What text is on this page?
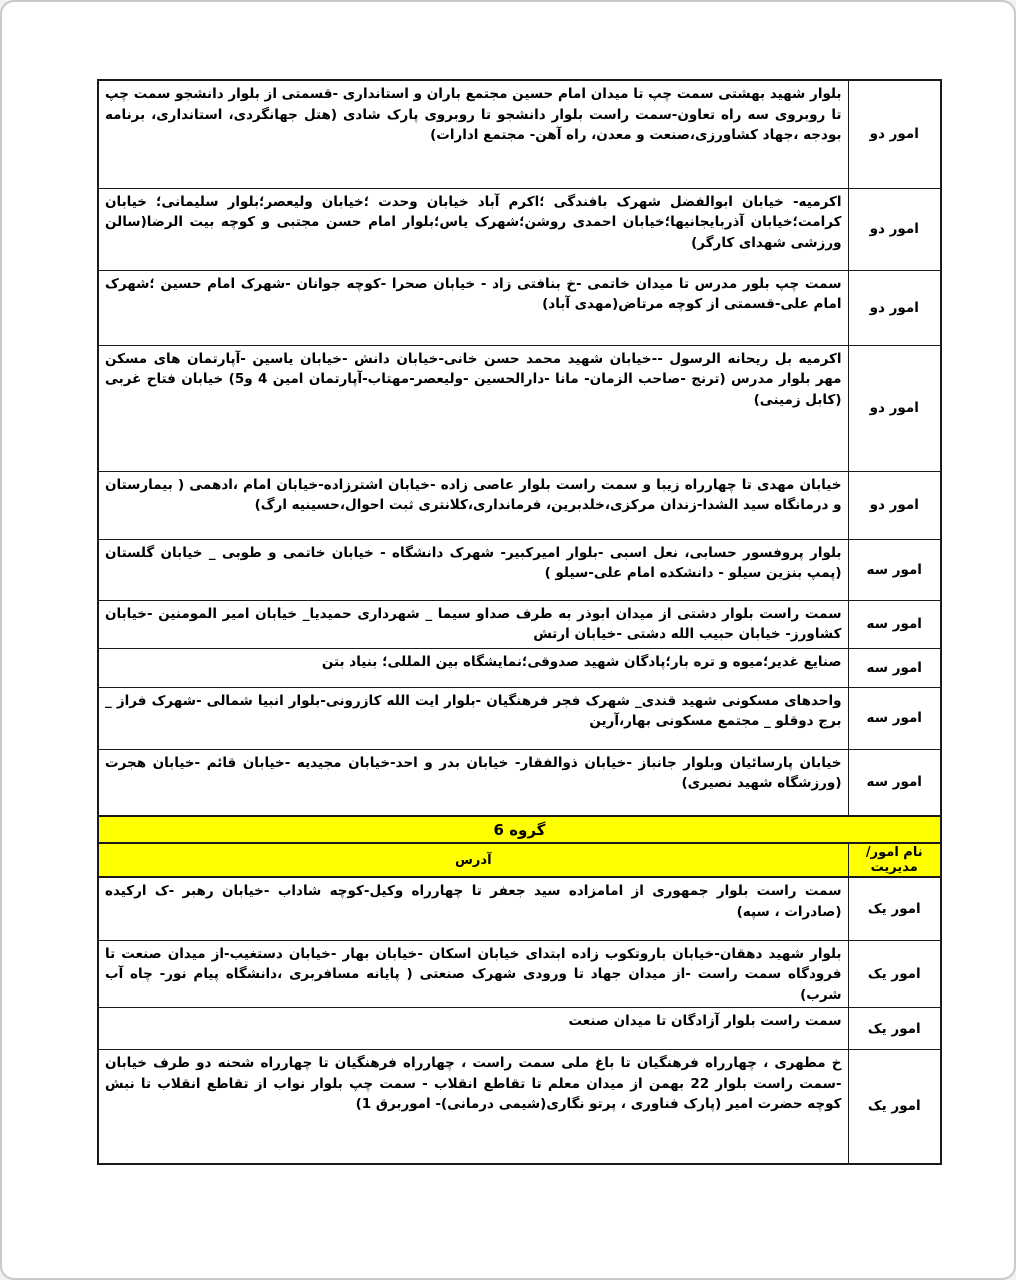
امور دو	بلوار شهید بهشتی سمت چپ تا میدان امام حسین مجتمع باران و استانداری -قسمتی از بلوار دانشجو سمت چپ تا روبروی سه راه تعاون-سمت راست بلوار دانشجو تا روبروی پارک شادی (هتل جهانگردی، استانداری، برنامه بودجه ،جهاد کشاورزی،صنعت و معدن، راه آهن- مجتمع ادارات)
امور دو	اکرمیه- خیابان ابوالفضل شهرک بافندگی ؛اکرم آباد خیابان وحدت ؛خیابان ولیعصر؛بلوار سلیمانی؛ خیابان کرامت؛خیابان آذربایجانیها؛خیابان احمدی روشن؛شهرک یاس؛بلوار امام حسن مجتبی و کوچه بیت الرضا(سالن ورزشی شهدای کارگر)
امور دو	سمت چپ بلور مدرس تا میدان خاتمی -خ بنافتی زاد - خیابان صحرا -کوچه جوانان -شهرک امام حسین ؛شهرک امام علی-قسمتی از کوچه مرتاض(مهدی آباد)
امور دو	اکرمیه بل ریحانه الرسول --خیابان شهید محمد حسن خانی-خیابان دانش -خیابان یاسین -آپارتمان های مسکن مهر بلوار مدرس (ترنج -صاحب الزمان- مانا -دارالحسین -ولیعصر-مهتاب-آپارتمان امین 4 و5) خیابان فتاح غربی (کابل زمینی)
امور دو	خیابان مهدی تا چهارراه زیبا و سمت راست بلوار عاصی زاده -خیابان اشترزاده-خیابان امام ،ادهمی ( بیمارستان و درمانگاه سید الشدا-زندان مرکزی،خلدبرین، فرمانداری،کلانتری ثبت احوال،حسینیه ارگ)
امور سه	بلوار پروفسور حسابی، نعل اسبی -بلوار امیرکبیر- شهرک دانشگاه - خیابان خاتمی و طوبی _ خیابان گلستان (پمپ بنزین سیلو - دانشکده امام علی-سیلو )
امور سه	سمت راست بلوار دشتی از میدان ابوذر به طرف صداو سیما _ شهرداری حمیدیا_ خیابان امیر المومنین -خیابان کشاورز- خیابان حبیب الله دشتی -خیابان ارتش
امور سه	صنایع غدیر؛میوه و تره بار؛پادگان شهید صدوقی؛نمایشگاه بین المللی؛ بنیاد بتن
امور سه	واحدهای مسکونی شهید قندی_ شهرک فجر فرهنگیان -بلوار ایت الله کازرونی-بلوار انبیا شمالی -شهرک فراز _ برج دوقلو _ مجتمع مسکونی بهار،آرین
امور سه	خیابان پارسائیان وبلوار جانباز -خیابان ذوالفقار- خیابان بدر و احد-خیابان مجیدیه -خیابان قائم -خیابان هجرت (ورزشگاه شهید نصیری)
گروه 6	
نام امور/مدیریت	آدرس
امور یک	سمت راست بلوار جمهوری از امامزاده سید جعفر تا چهارراه وکیل-کوچه شاداب -خیابان رهبر -ک ارکیده (صادرات ، سپه)
امور یک	بلوار شهید دهقان-خیابان باروتکوب زاده ابتدای خیابان اسکان -خیابان بهار -خیابان دستغیب-از میدان صنعت تا فرودگاه سمت راست -از میدان جهاد تا ورودی شهرک صنعتی ( پایانه مسافربری ،دانشگاه پیام نور- چاه آب شرب)
امور یک	سمت راست بلوار آزادگان تا میدان صنعت
امور یک	خ مطهری ، چهارراه فرهنگیان تا باغ ملی سمت راست ، چهارراه فرهنگیان تا چهارراه شحنه دو طرف خیابان -سمت راست بلوار 22 بهمن از میدان معلم تا تقاطع انقلاب - سمت چپ بلوار نواب از تقاطع انقلاب تا نبش کوچه حضرت امیر (پارک فناوری ، پرتو نگاری(شیمی درمانی)- اموربرق 1)
